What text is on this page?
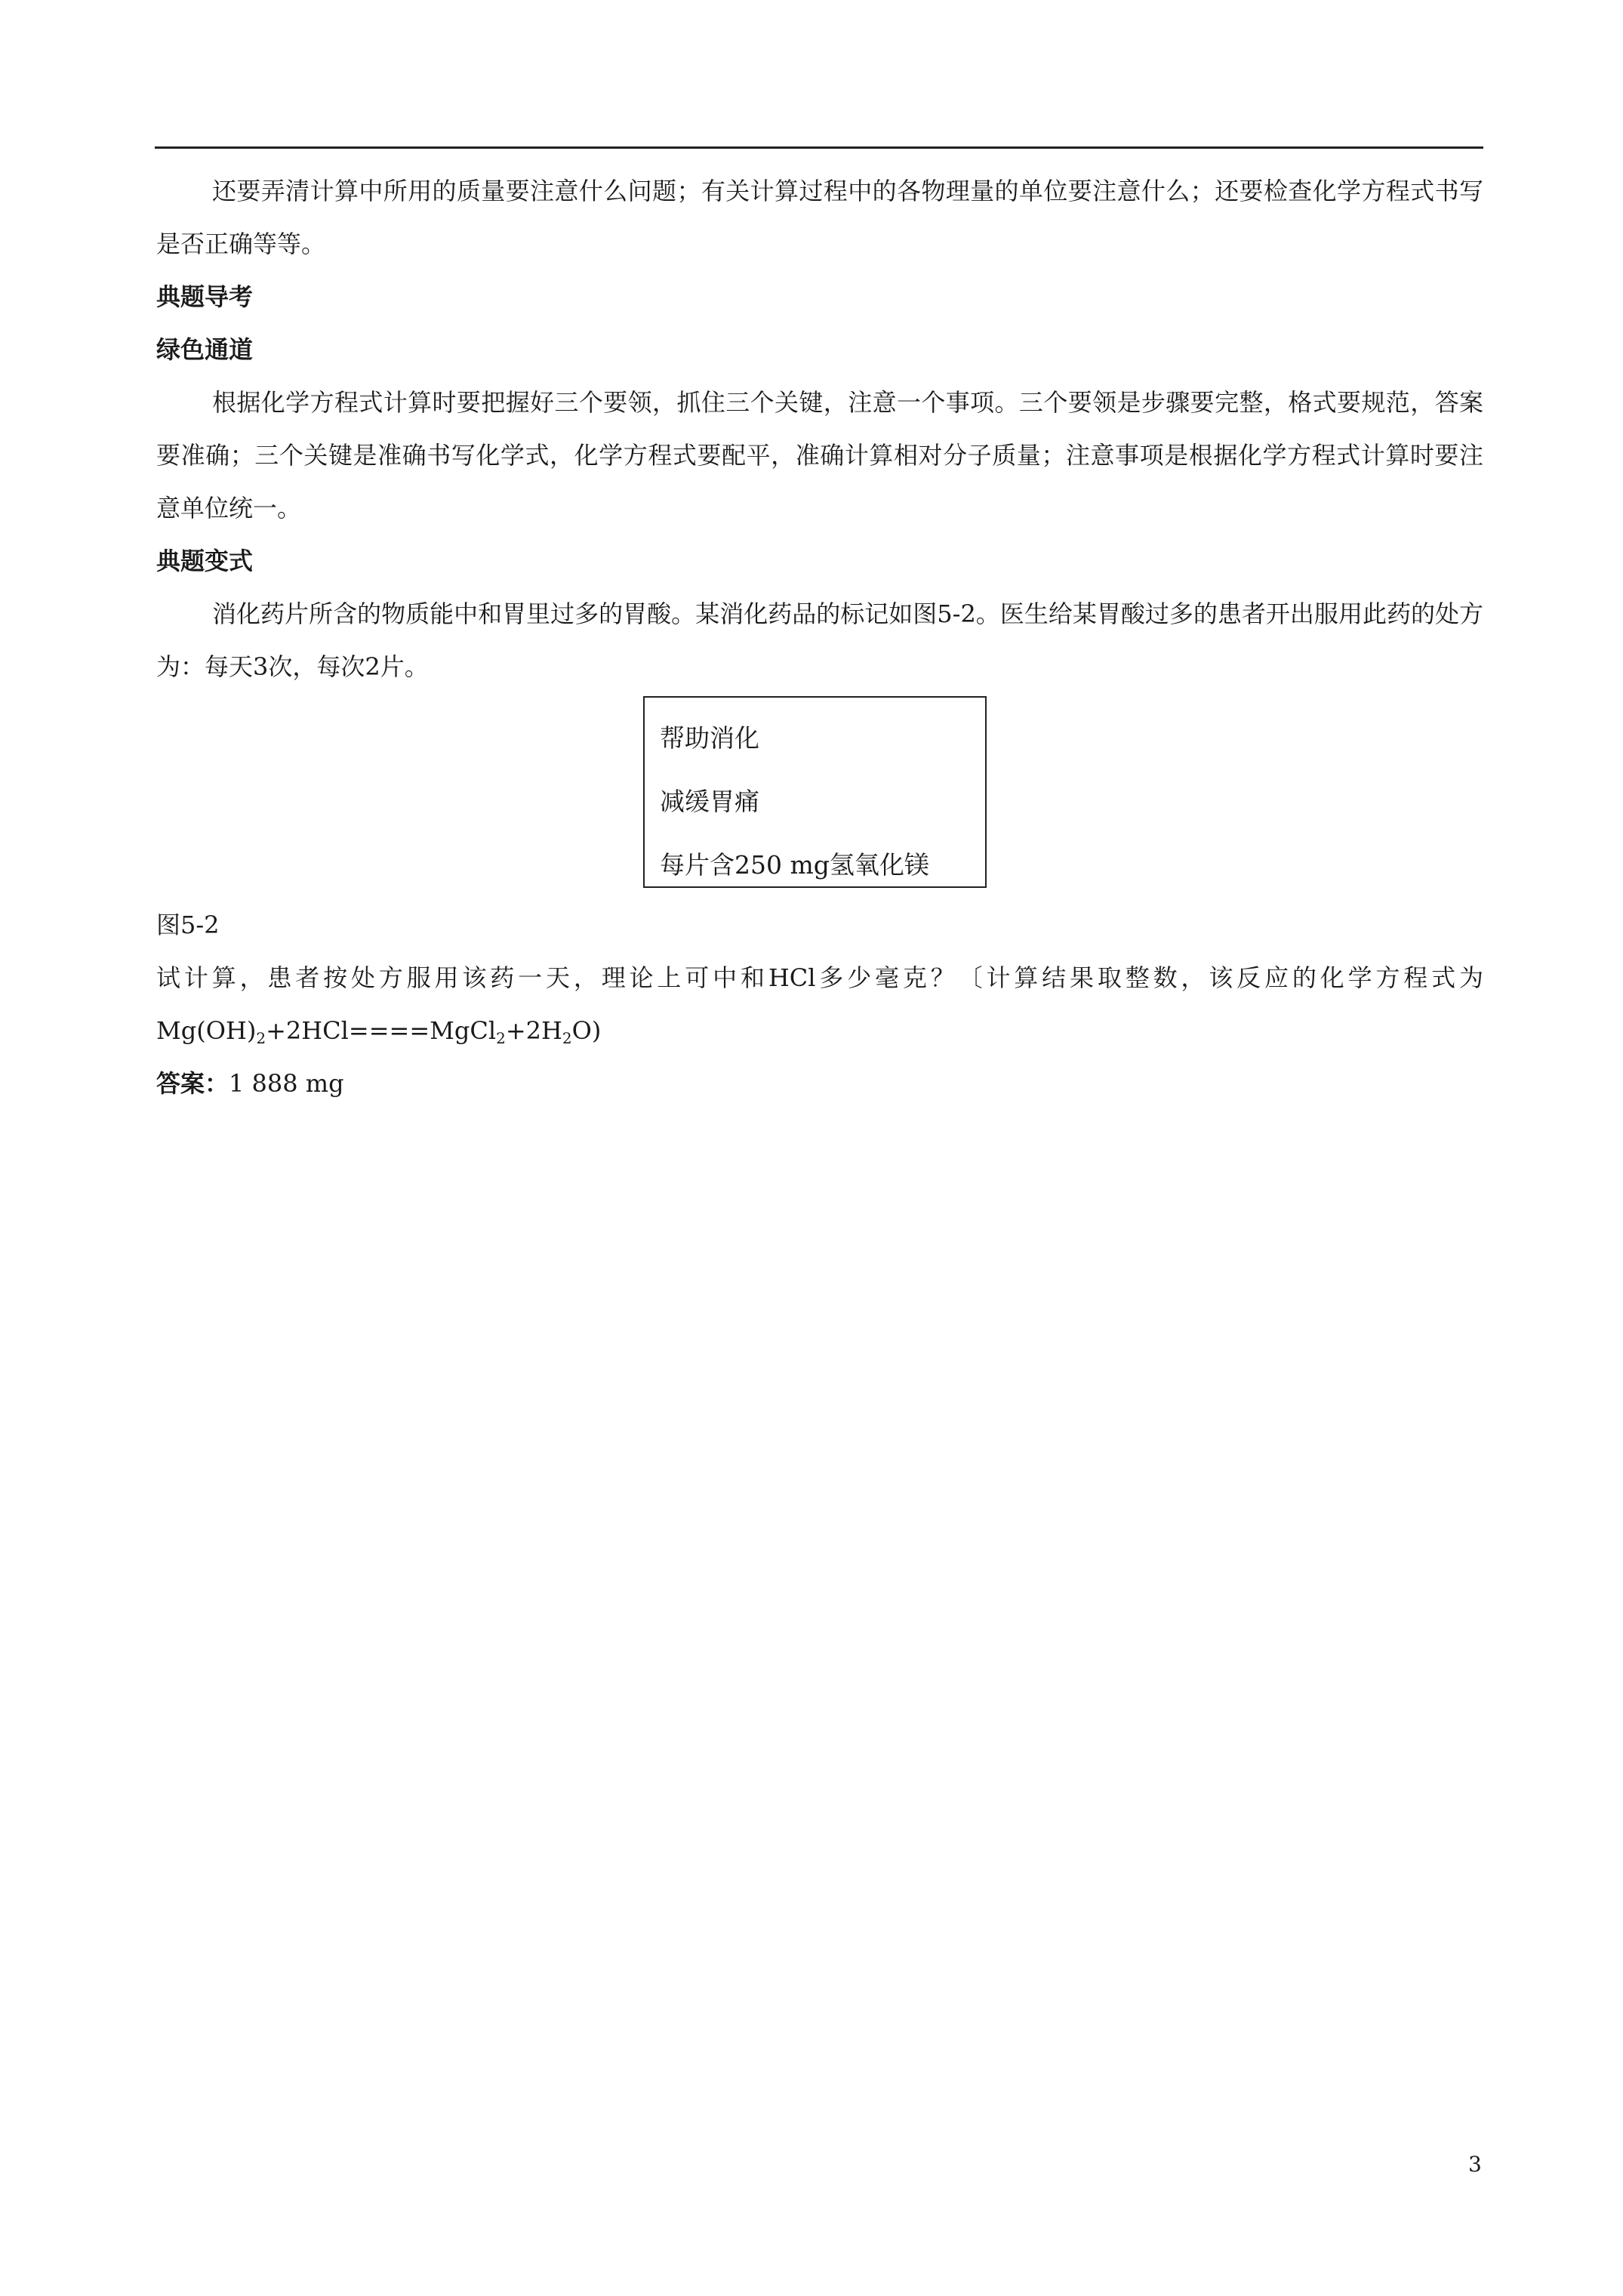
还要弄清计算中所用的质量要注意什么问题；有关计算过程中的各物理量的单位要注意什么；还要检查化学方程式书写是否正确等等。

典题导考

绿色通道

根据化学方程式计算时要把握好三个要领，抓住三个关键，注意一个事项。三个要领是步骤要完整，格式要规范，答案要准确；三个关键是准确书写化学式，化学方程式要配平，准确计算相对分子质量；注意事项是根据化学方程式计算时要注意单位统一。

典题变式

消化药片所含的物质能中和胃里过多的胃酸。某消化药品的标记如图5-2。医生给某胃酸过多的患者开出服用此药的处方为：每天3次，每次2片。

帮助消化
减缓胃痛
每片含250 mg氢氧化镁

图5-2

试计算，患者按处方服用该药一天，理论上可中和HCl多少毫克？〔计算结果取整数，该反应的化学方程式为$Mg(OH)_2+2HCl====MgCl_2+2H_2O$)

答案：1 888 mg

3
